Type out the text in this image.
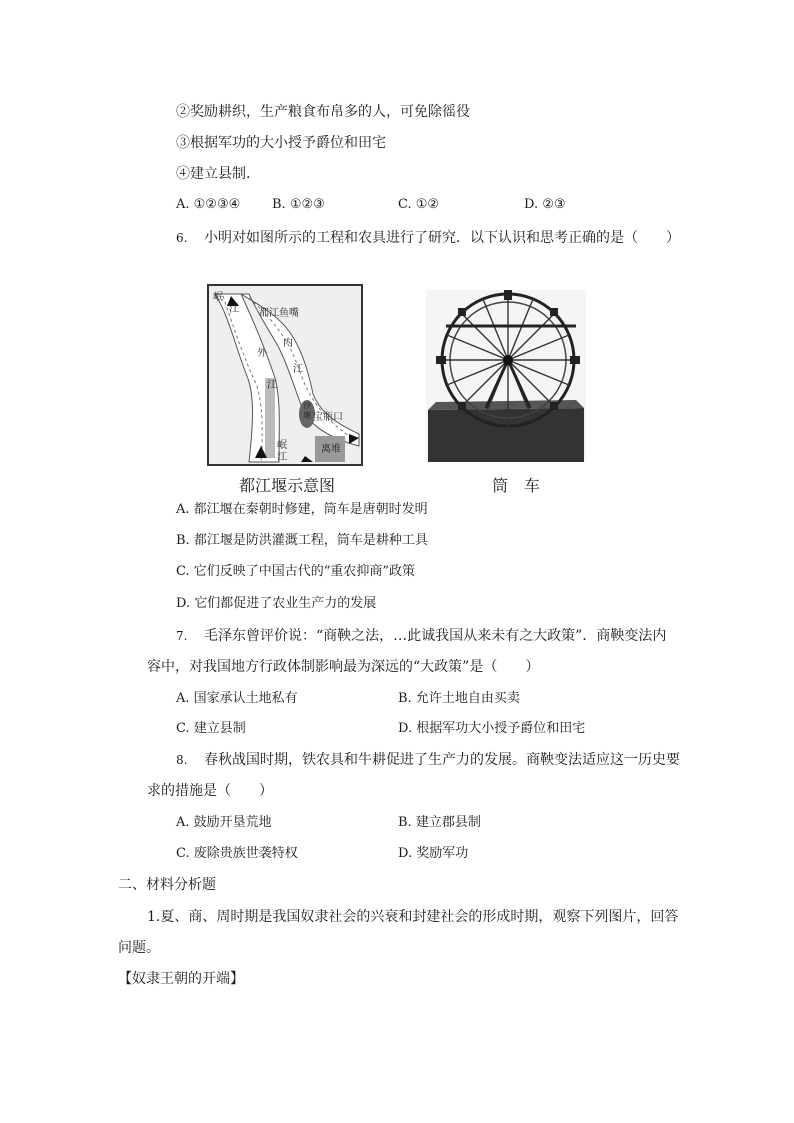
②奖励耕织，生产粮食布帛多的人，可免除徭役
③根据军功的大小授予爵位和田宅
④建立县制.
A. ①②③④	B. ①②③	C. ①②	D. ②③
6. 小明对如图所示的工程和农具进行了研究．以下认识和思考正确的是（　　）
岷
江 都江鱼嘴
外
江
内
江
沙
堰 宝瓶口
岷
江
离堆
都江堰示意图	筒　车
A. 都江堰在秦朝时修建，筒车是唐朝时发明
B. 都江堰是防洪灌溉工程，筒车是耕种工具
C. 它们反映了中国古代的“重农抑商”政策
D. 它们都促进了农业生产力的发展
7. 毛泽东曾评价说：“商鞅之法，…此诚我国从来未有之大政策”．商鞅变法内
容中，对我国地方行政体制影响最为深远的“大政策”是（　　）
A. 国家承认土地私有	B. 允许土地自由买卖
C. 建立县制	D. 根据军功大小授予爵位和田宅
8. 春秋战国时期，铁农具和牛耕促进了生产力的发展。商鞅变法适应这一历史要
求的措施是（　　）
A. 鼓励开垦荒地	B. 建立郡县制
C. 废除贵族世袭特权	D. 奖励军功
二、材料分析题
1.夏、商、周时期是我国奴隶社会的兴衰和封建社会的形成时期，观察下列图片，回答
问题。
【奴隶王朝的开端】
